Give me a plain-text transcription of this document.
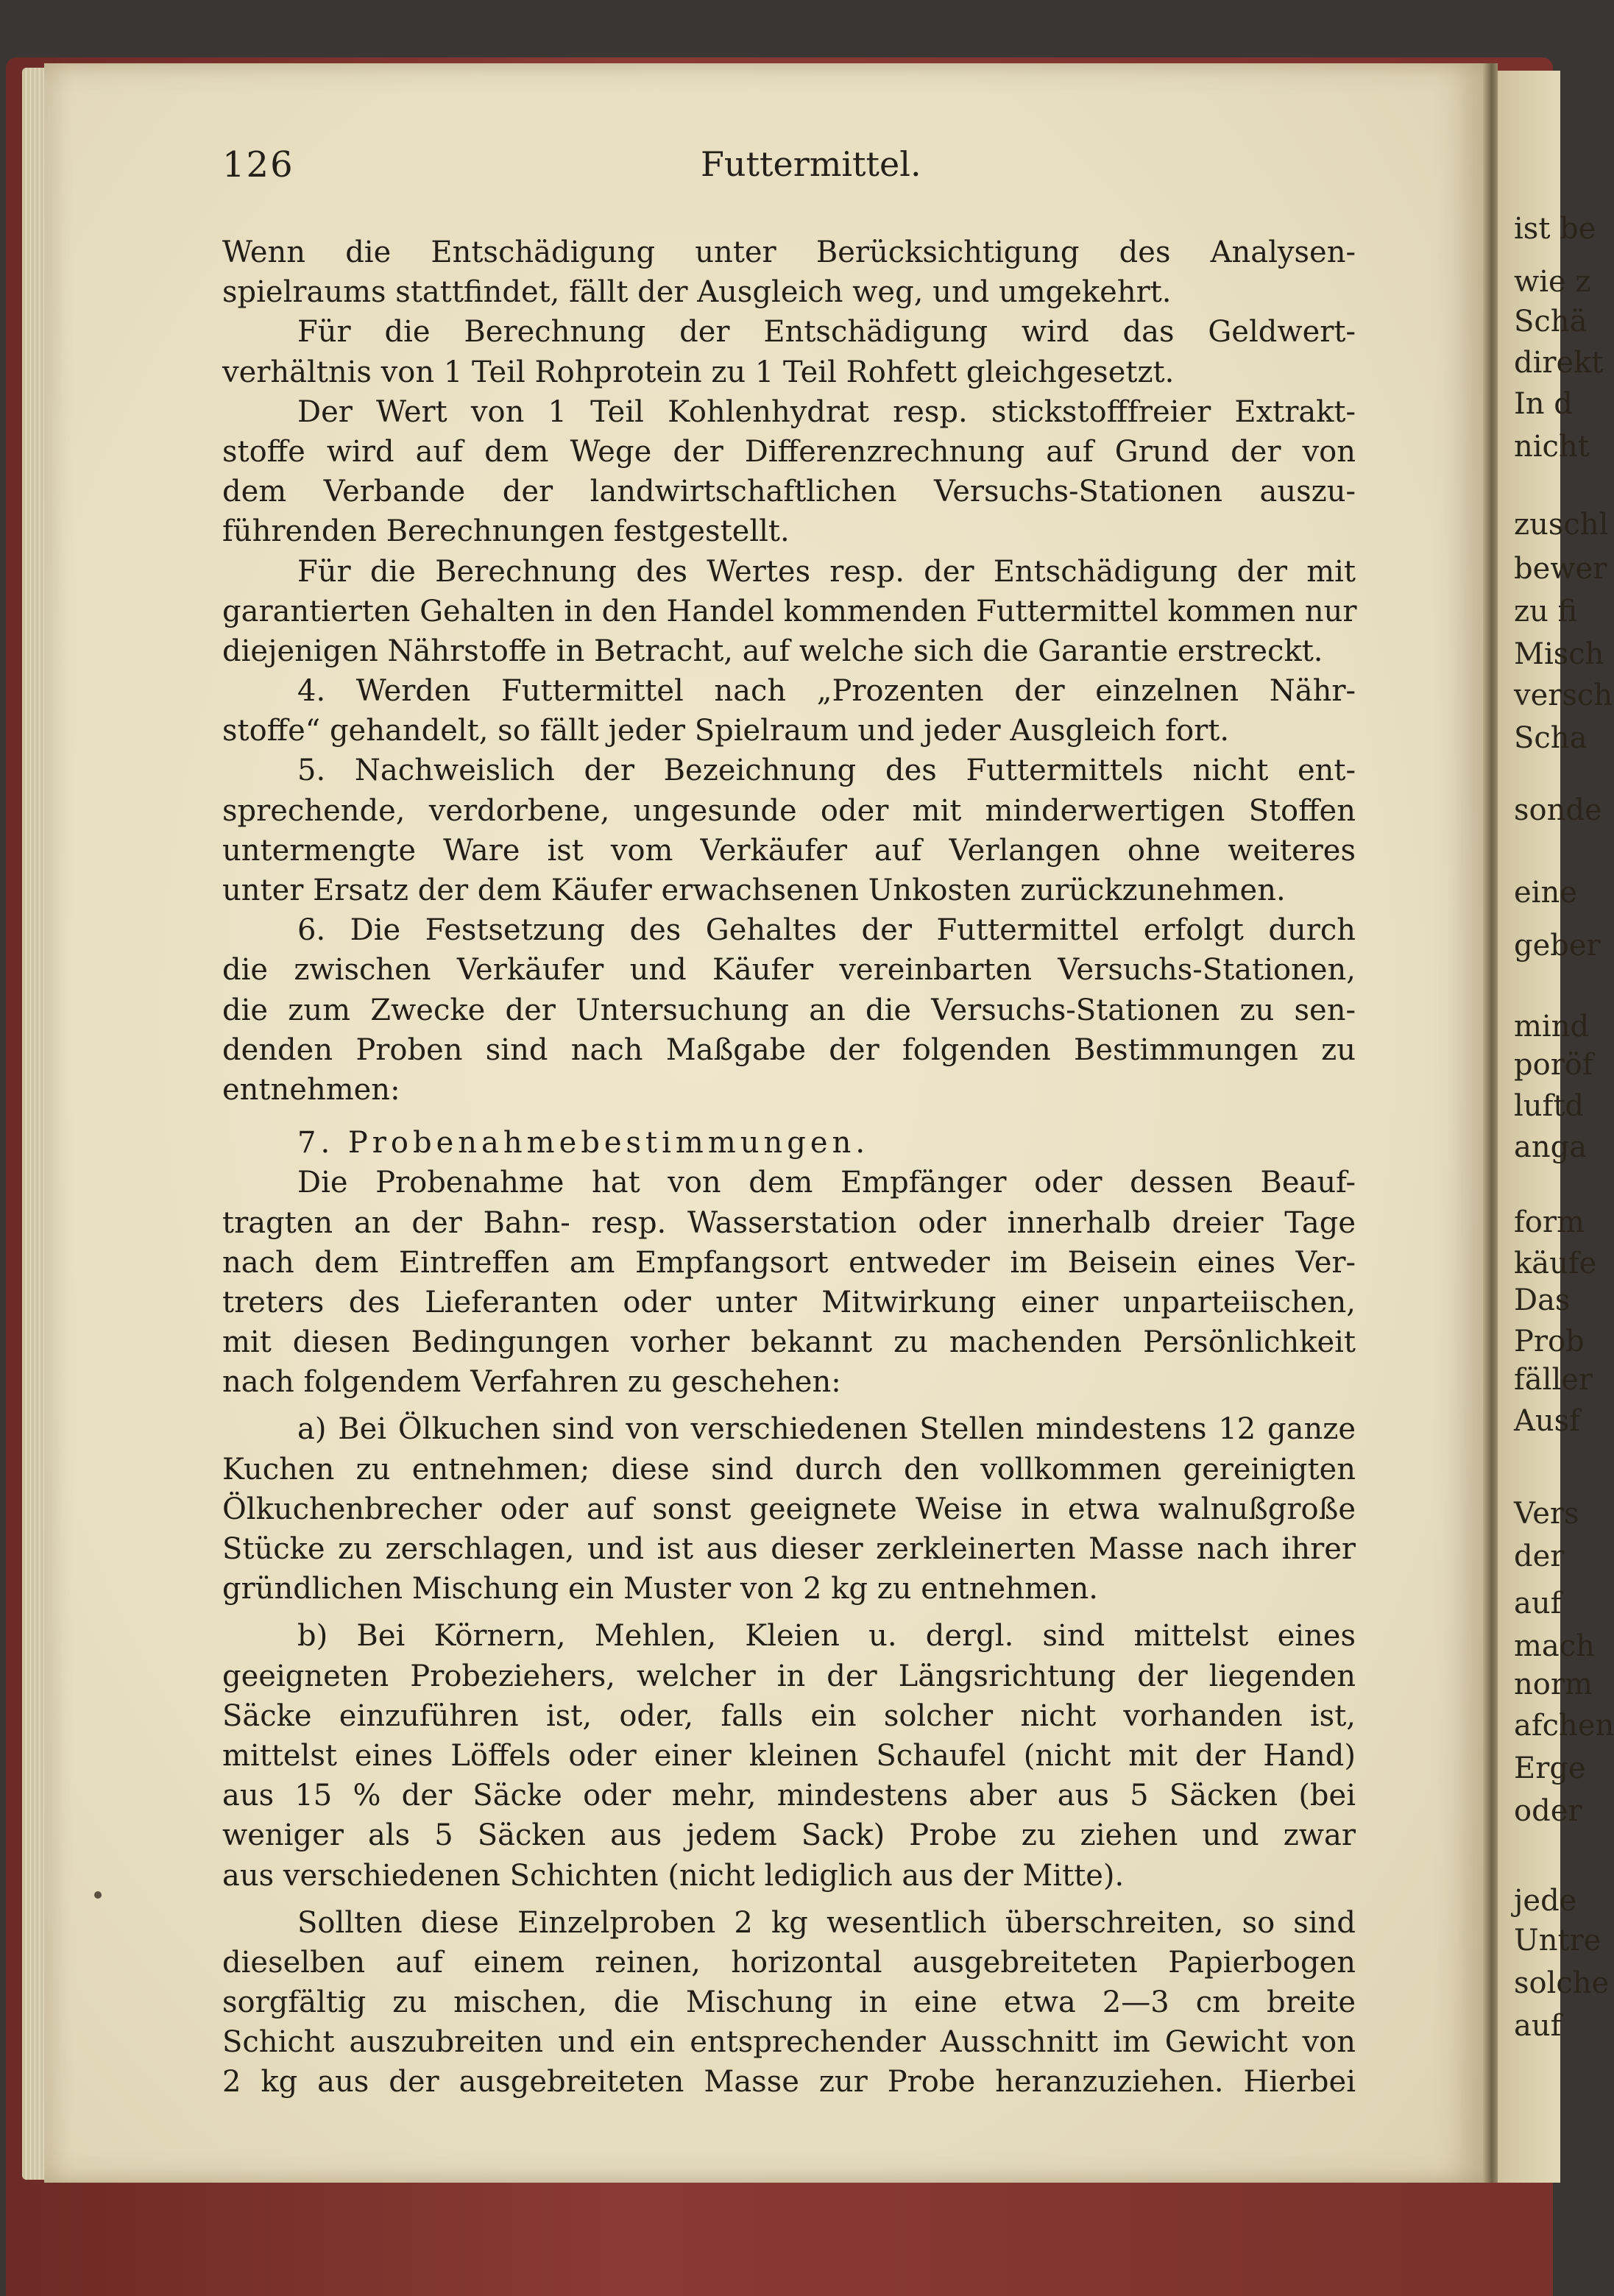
ist be
wie z
Schä
direkt
In d
nicht
zuschl
bewer
zu fi
Misch
versch
Scha
sonde
eine
geber
mind
poröf
luftd
anga
form
käufe
Das
Prob
fäller
Ausf
Vers
der
auf
mach
norm
afchen
Erge
oder
jede
Untre
solche
auf
126	Futtermittel.
Wenn die Entschädigung unter Berücksichtigung des Analysen-
spielraums stattfindet, fällt der Ausgleich weg, und umgekehrt.
Für die Berechnung der Entschädigung wird das Geldwert-
verhältnis von 1 Teil Rohprotein zu 1 Teil Rohfett gleichgesetzt.
Der Wert von 1 Teil Kohlenhydrat resp. stickstofffreier Extrakt-
stoffe wird auf dem Wege der Differenzrechnung auf Grund der von
dem Verbande der landwirtschaftlichen Versuchs-Stationen auszu-
führenden Berechnungen festgestellt.
Für die Berechnung des Wertes resp. der Entschädigung der mit
garantierten Gehalten in den Handel kommenden Futtermittel kommen nur
diejenigen Nährstoffe in Betracht, auf welche sich die Garantie erstreckt.
4. Werden Futtermittel nach „Prozenten der einzelnen Nähr-
stoffe“ gehandelt, so fällt jeder Spielraum und jeder Ausgleich fort.
5. Nachweislich der Bezeichnung des Futtermittels nicht ent-
sprechende, verdorbene, ungesunde oder mit minderwertigen Stoffen
untermengte Ware ist vom Verkäufer auf Verlangen ohne weiteres
unter Ersatz der dem Käufer erwachsenen Unkosten zurückzunehmen.
6. Die Festsetzung des Gehaltes der Futtermittel erfolgt durch
die zwischen Verkäufer und Käufer vereinbarten Versuchs-Stationen,
die zum Zwecke der Untersuchung an die Versuchs-Stationen zu sen-
denden Proben sind nach Maßgabe der folgenden Bestimmungen zu
entnehmen:
7. Probenahmebestimmungen.
Die Probenahme hat von dem Empfänger oder dessen Beauf-
tragten an der Bahn- resp. Wasserstation oder innerhalb dreier Tage
nach dem Eintreffen am Empfangsort entweder im Beisein eines Ver-
treters des Lieferanten oder unter Mitwirkung einer unparteiischen,
mit diesen Bedingungen vorher bekannt zu machenden Persönlichkeit
nach folgendem Verfahren zu geschehen:
a) Bei Ölkuchen sind von verschiedenen Stellen mindestens 12 ganze
Kuchen zu entnehmen; diese sind durch den vollkommen gereinigten
Ölkuchenbrecher oder auf sonst geeignete Weise in etwa walnußgroße
Stücke zu zerschlagen, und ist aus dieser zerkleinerten Masse nach ihrer
gründlichen Mischung ein Muster von 2 kg zu entnehmen.
b) Bei Körnern, Mehlen, Kleien u. dergl. sind mittelst eines
geeigneten Probeziehers, welcher in der Längsrichtung der liegenden
Säcke einzuführen ist, oder, falls ein solcher nicht vorhanden ist,
mittelst eines Löffels oder einer kleinen Schaufel (nicht mit der Hand)
aus 15 % der Säcke oder mehr, mindestens aber aus 5 Säcken (bei
weniger als 5 Säcken aus jedem Sack) Probe zu ziehen und zwar
aus verschiedenen Schichten (nicht lediglich aus der Mitte).
Sollten diese Einzelproben 2 kg wesentlich überschreiten, so sind
dieselben auf einem reinen, horizontal ausgebreiteten Papierbogen
sorgfältig zu mischen, die Mischung in eine etwa 2—3 cm breite
Schicht auszubreiten und ein entsprechender Ausschnitt im Gewicht von
2 kg aus der ausgebreiteten Masse zur Probe heranzuziehen. Hierbei
